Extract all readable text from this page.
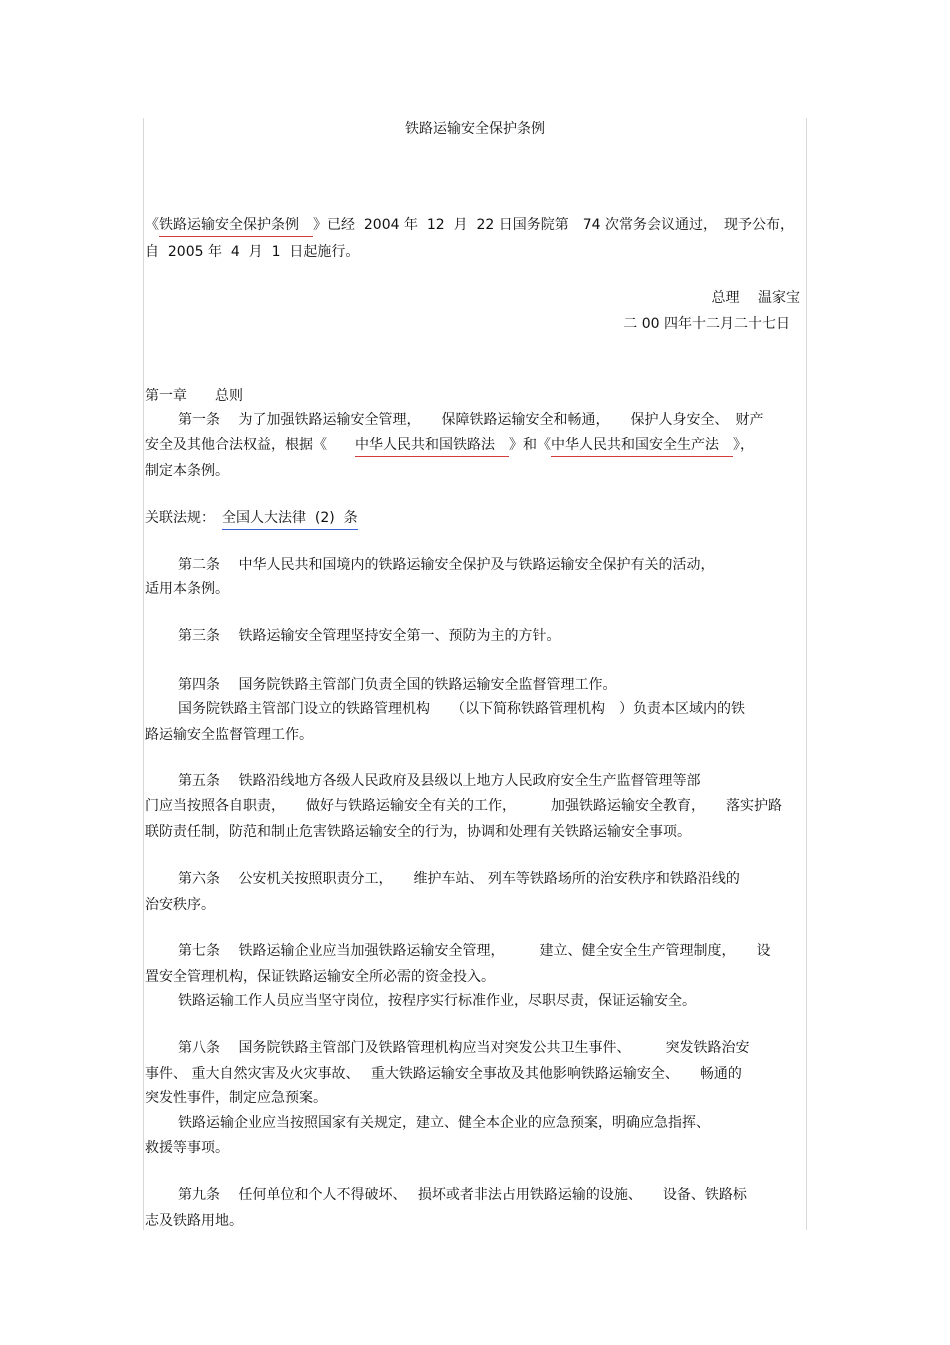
铁路运输安全保护条例
《铁路运输安全保护条例　》已经  2004 年  12  月  22 日国务院第　74 次常务会议通过，　现予公布，
自  2005 年  4  月  1  日起施行。
总理　 温家宝
二 00 四年十二月二十七日
第一章　　总则
第一条　 为了加强铁路运输安全管理，　　保障铁路运输安全和畅通，　　保护人身安全、　财产
安全及其他合法权益，根据《　　中华人民共和国铁路法　》和《中华人民共和国安全生产法　》，
制定本条例。
关联法规：　 全国人大法律  (2)  条
第二条　 中华人民共和国境内的铁路运输安全保护及与铁路运输安全保护有关的活动，
适用本条例。
第三条　 铁路运输安全管理坚持安全第一、预防为主的方针。
第四条　 国务院铁路主管部门负责全国的铁路运输安全监督管理工作。
国务院铁路主管部门设立的铁路管理机构　　（以下简称铁路管理机构　）负责本区域内的铁
路运输安全监督管理工作。
第五条　 铁路沿线地方各级人民政府及县级以上地方人民政府安全生产监督管理等部
门应当按照各自职责，　　做好与铁路运输安全有关的工作，　　　加强铁路运输安全教育，　　落实护路
联防责任制，防范和制止危害铁路运输安全的行为，协调和处理有关铁路运输安全事项。
第六条　 公安机关按照职责分工，　　维护车站、 列车等铁路场所的治安秩序和铁路沿线的
治安秩序。
第七条　 铁路运输企业应当加强铁路运输安全管理，　　　建立、健全安全生产管理制度，　　设
置安全管理机构，保证铁路运输安全所必需的资金投入。
铁路运输工作人员应当坚守岗位，按程序实行标准作业，尽职尽责，保证运输安全。
第八条　 国务院铁路主管部门及铁路管理机构应当对突发公共卫生事件、　　　突发铁路治安
事件、 重大自然灾害及火灾事故、　 重大铁路运输安全事故及其他影响铁路运输安全、　　畅通的
突发性事件，制定应急预案。
铁路运输企业应当按照国家有关规定，建立、健全本企业的应急预案，明确应急指挥、
救援等事项。
第九条　 任何单位和个人不得破坏、　 损坏或者非法占用铁路运输的设施、　　设备、铁路标
志及铁路用地。
